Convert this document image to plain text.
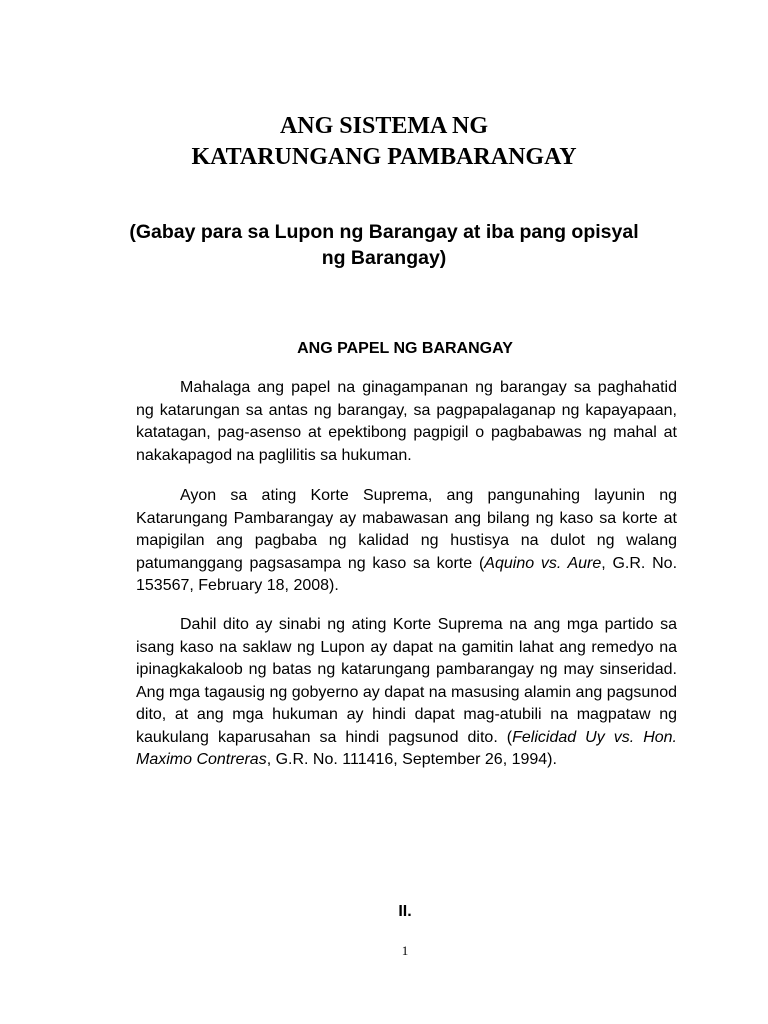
ANG SISTEMA NG
KATARUNGANG PAMBARANGAY
(Gabay para sa Lupon ng Barangay at iba pang opisyal ng Barangay)
ANG PAPEL NG BARANGAY

Mahalaga ang papel na ginagampanan ng barangay sa paghahatid ng katarungan sa antas ng barangay, sa pagpapalaganap ng kapayapaan, katatagan, pag-asenso at epektibong pagpigil o pagbabawas ng mahal at nakakapagod na paglilitis sa hukuman.

Ayon sa ating Korte Suprema, ang pangunahing layunin ng Katarungang Pambarangay ay mabawasan ang bilang ng kaso sa korte at mapigilan ang pagbaba ng kalidad ng hustisya na dulot ng walang patumanggang pagsasampa ng kaso sa korte (Aquino vs. Aure, G.R. No. 153567, February 18, 2008).

Dahil dito ay sinabi ng ating Korte Suprema na ang mga partido sa isang kaso na saklaw ng Lupon ay dapat na gamitin lahat ang remedyo na ipinagkakaloob ng batas ng katarungang pambarangay ng may sinseridad. Ang mga tagausig ng gobyerno ay dapat na masusing alamin ang pagsunod dito, at ang mga hukuman ay hindi dapat mag-atubili na magpataw ng kaukulang kaparusahan sa hindi pagsunod dito. (Felicidad Uy vs. Hon. Maximo Contreras, G.R. No. 111416, September 26, 1994).

II.
1
